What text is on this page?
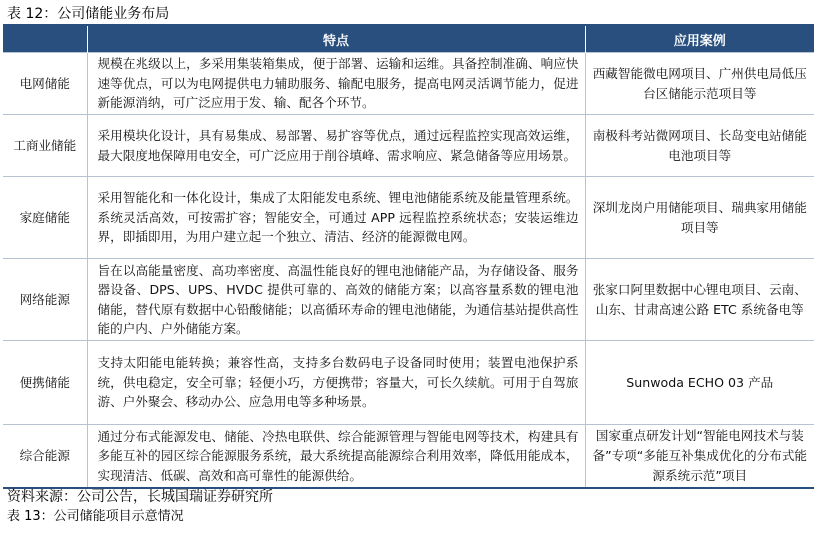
表 12：公司储能业务布局
	特点	应用案例
电网储能	规模在兆级以上，多采用集装箱集成，便于部署、运输和运维。具备控制准确、响应快速等优点，可以为电网提供电力辅助服务、输配电服务，提高电网灵活调节能力，促进新能源消纳，可广泛应用于发、输、配各个环节。	西藏智能微电网项目、广州供电局低压台区储能示范项目等
工商业储能	采用模块化设计，具有易集成、易部署、易扩容等优点，通过远程监控实现高效运维，最大限度地保障用电安全，可广泛应用于削谷填峰、需求响应、紧急储备等应用场景。	南极科考站微网项目、长岛变电站储能电池项目等
家庭储能	采用智能化和一体化设计，集成了太阳能发电系统、锂电池储能系统及能量管理系统。系统灵活高效，可按需扩容；智能安全，可通过 APP 远程监控系统状态；安装运维边界，即插即用，为用户建立起一个独立、清洁、经济的能源微电网。	深圳龙岗户用储能项目、瑞典家用储能项目等
网络能源	旨在以高能量密度、高功率密度、高温性能良好的锂电池储能产品，为存储设备、服务器设备、DPS、UPS、HVDC 提供可靠的、高效的储能方案；以高容量系数的锂电池储能，替代原有数据中心铅酸储能；以高循环寿命的锂电池储能，为通信基站提供高性能的户内、户外储能方案。	张家口阿里数据中心锂电项目、云南、山东、甘肃高速公路 ETC 系统备电等
便携储能	支持太阳能电能转换；兼容性高，支持多台数码电子设备同时使用；装置电池保护系统，供电稳定，安全可靠；轻便小巧，方便携带；容量大，可长久续航。可用于自驾旅游、户外聚会、移动办公、应急用电等多种场景。	Sunwoda ECHO 03 产品
综合能源	通过分布式能源发电、储能、冷热电联供、综合能源管理与智能电网等技术，构建具有多能互补的园区综合能源服务系统，最大系统提高能源综合利用效率，降低用能成本，实现清洁、低碳、高效和高可靠性的能源供给。	国家重点研发计划“智能电网技术与装备”专项“多能互补集成优化的分布式能源系统示范”项目
资料来源：公司公告，长城国瑞证券研究所
表 13：公司储能项目示意情况
